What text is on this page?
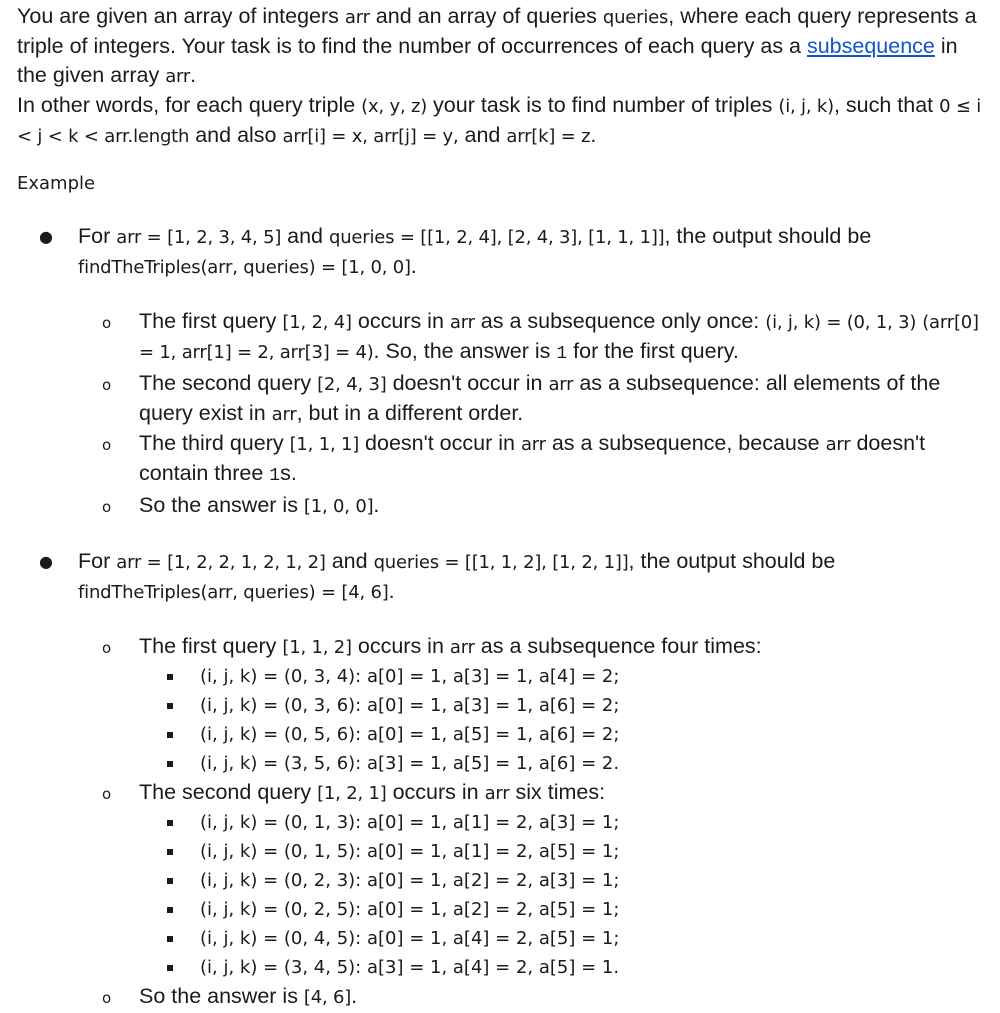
You are given an array of integers arr and an array of queries queries, where each query represents a triple of integers. Your task is to find the number of occurrences of each query as a subsequence in the given array arr.

In other words, for each query triple (x, y, z) your task is to find number of triples (i, j, k), such that 0 ≤ i < j < k < arr.length and also arr[i] = x, arr[j] = y, and arr[k] = z.

Example

● For arr = [1, 2, 3, 4, 5] and queries = [[1, 2, 4], [2, 4, 3], [1, 1, 1]], the output should be findTheTriples(arr, queries) = [1, 0, 0].

o The first query [1, 2, 4] occurs in arr as a subsequence only once: (i, j, k) = (0, 1, 3) (arr[0] = 1, arr[1] = 2, arr[3] = 4). So, the answer is 1 for the first query.

o The second query [2, 4, 3] doesn't occur in arr as a subsequence: all elements of the query exist in arr, but in a different order.

o The third query [1, 1, 1] doesn't occur in arr as a subsequence, because arr doesn't contain three 1s.

o So the answer is [1, 0, 0].

● For arr = [1, 2, 2, 1, 2, 1, 2] and queries = [[1, 1, 2], [1, 2, 1]], the output should be findTheTriples(arr, queries) = [4, 6].

o The first query [1, 1, 2] occurs in arr as a subsequence four times:

(i, j, k) = (0, 3, 4): a[0] = 1, a[3] = 1, a[4] = 2;
(i, j, k) = (0, 3, 6): a[0] = 1, a[3] = 1, a[6] = 2;
(i, j, k) = (0, 5, 6): a[0] = 1, a[5] = 1, a[6] = 2;
(i, j, k) = (3, 5, 6): a[3] = 1, a[5] = 1, a[6] = 2.
o The second query [1, 2, 1] occurs in arr six times:

(i, j, k) = (0, 1, 3): a[0] = 1, a[1] = 2, a[3] = 1;
(i, j, k) = (0, 1, 5): a[0] = 1, a[1] = 2, a[5] = 1;
(i, j, k) = (0, 2, 3): a[0] = 1, a[2] = 2, a[3] = 1;
(i, j, k) = (0, 2, 5): a[0] = 1, a[2] = 2, a[5] = 1;
(i, j, k) = (0, 4, 5): a[0] = 1, a[4] = 2, a[5] = 1;
(i, j, k) = (3, 4, 5): a[3] = 1, a[4] = 2, a[5] = 1.
o So the answer is [4, 6].
